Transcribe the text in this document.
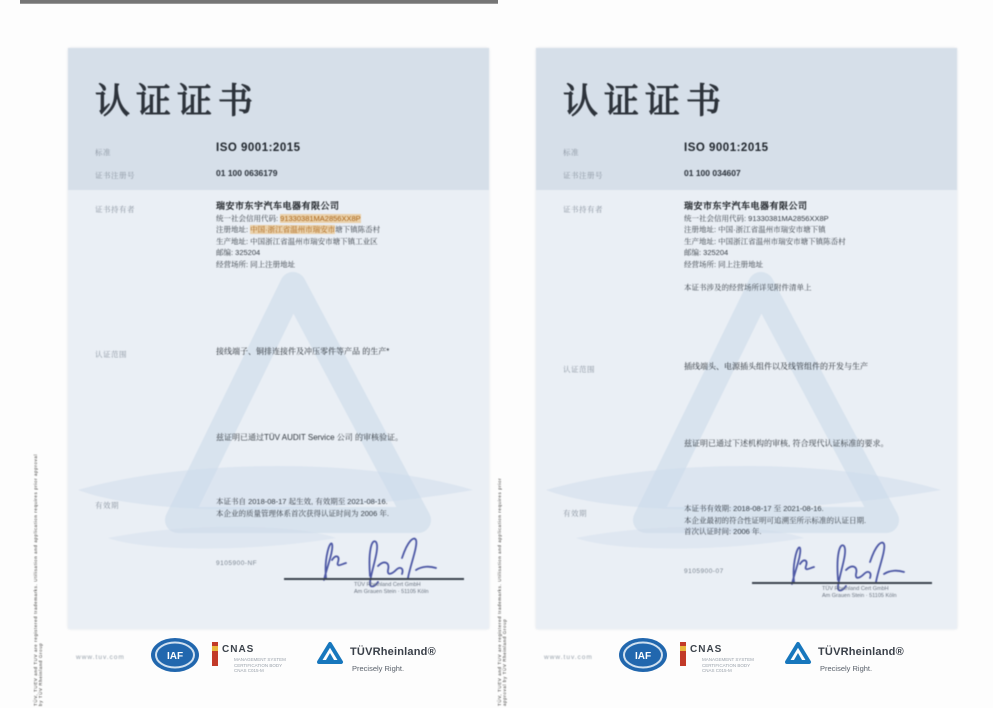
认证证书
标准	ISO 9001:2015
证书注册号	01 100 0636179
证书持有者	瑞安市东宇汽车电器有限公司
统一社会信用代码: 91330381MA2856XX8P
注册地址: 中国·浙江省温州市瑞安市塘下镇陈岙村
生产地址: 中国浙江省温州市瑞安市塘下镇工业区
邮编: 325204
经营场所: 同上注册地址
认证范围	接线端子、铜排连接件及冲压零件等产品 的生产*
兹证明已通过TÜV AUDIT Service 公司 的审核验证。
有效期	本证书自 2018-08-17 起生效, 有效期至 2021-08-16.
本企业的质量管理体系首次获得认证时间为 2006 年.
9105900-NF
TÜV Rheinland Cert GmbH
Am Grauen Stein · 51105 Köln
认证证书
标准	ISO 9001:2015
证书注册号	01 100 034607
证书持有者	瑞安市东宇汽车电器有限公司
统一社会信用代码: 91330381MA2856XX8P
注册地址: 中国·浙江省温州市瑞安市塘下镇
生产地址: 中国浙江省温州市瑞安市塘下镇陈岙村
邮编: 325204
经营场所: 同上注册地址
本证书涉及的经营场所详见附件清单上
认证范围	插线端头、电源插头组件以及线管组件的开发与生产
兹证明已通过下述机构的审核, 符合现代认证标准的要求。
有效期
本证书有效期: 2018-08-17 至 2021-08-16.
本企业最初的符合性证明可追溯至所示标准的认证日期.
首次认证时间: 2006 年.
9105900-07
TÜV Rheinland Cert GmbH
Am Grauen Stein · 51105 Köln
www.tuv.com	IAF
CNAS
MANAGEMENT SYSTEM
CERTIFICATION BODY
CNAS C015-M
TÜVRheinland®
Precisely Right.
www.tuv.com	IAF
CNAS
MANAGEMENT SYSTEM
CERTIFICATION BODY
CNAS C015-M
TÜVRheinland®
Precisely Right.
TÜV, TUEV and TUV are registered trademarks. Utilisation and application requires prior approval by TÜV Rheinland Group	TÜV, TUEV and TUV are registered trademarks. Utilisation and application requires prior approval by TÜV Rheinland Group
